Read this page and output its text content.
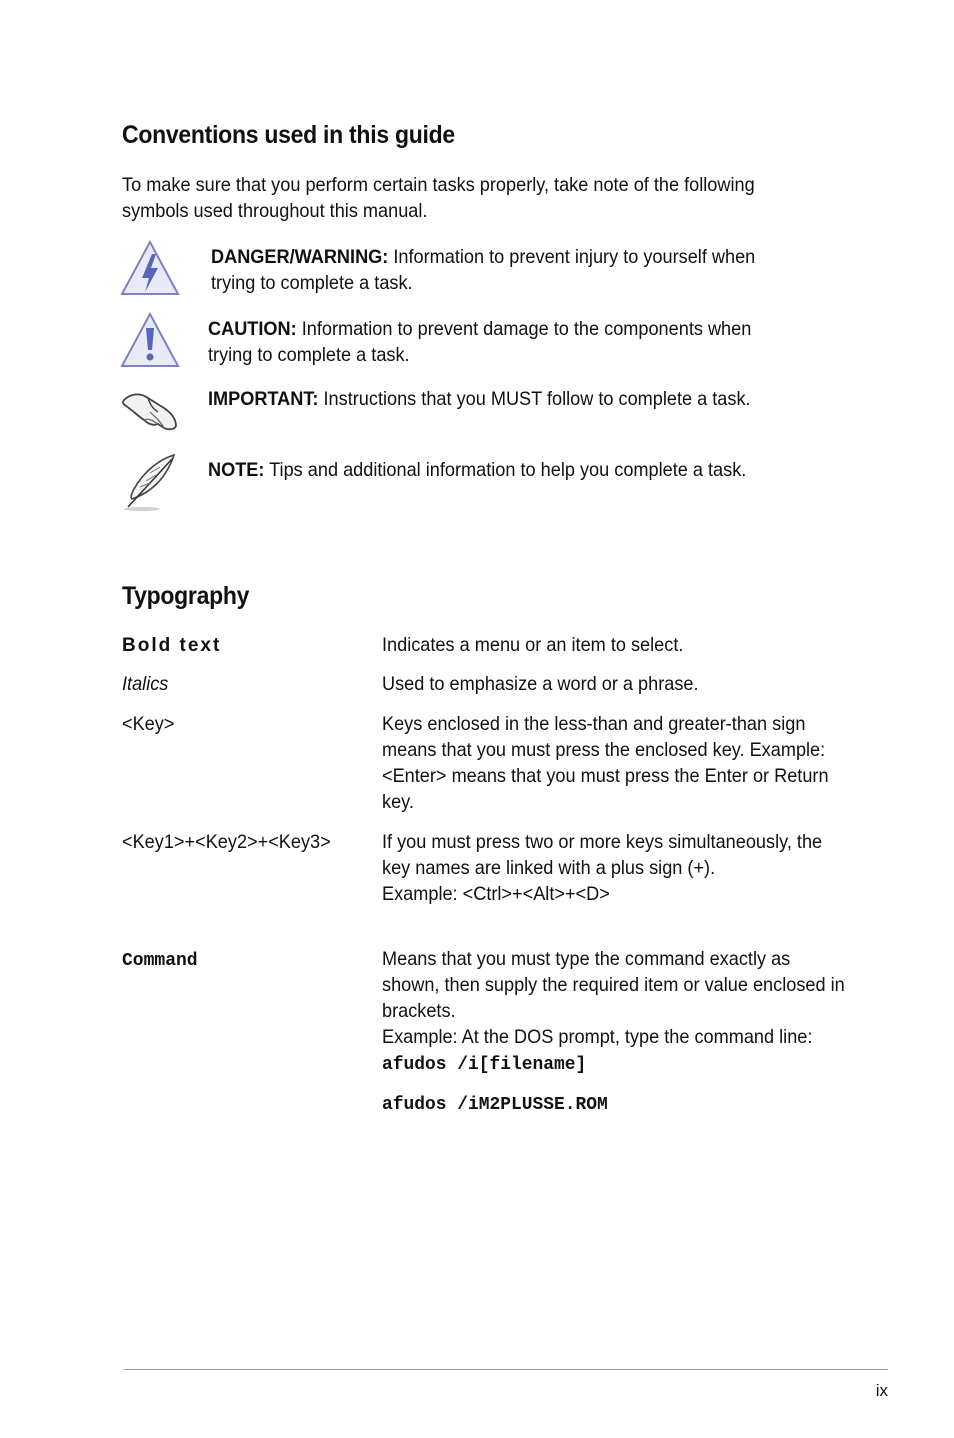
Conventions used in this guide
To make sure that you perform certain tasks properly, take note of the following symbols used throughout this manual.
DANGER/WARNING: Information to prevent injury to yourself when trying to complete a task.
CAUTION: Information to prevent damage to the components when trying to complete a task.
IMPORTANT: Instructions that you MUST follow to complete a task.
NOTE: Tips and additional information to help you complete a task.
Typography
Bold text	Indicates a menu or an item to select.
Italics	Used to emphasize a word or a phrase.
<Key>	Keys enclosed in the less-than and greater-than sign means that you must press the enclosed key. Example: <Enter> means that you must press the Enter or Return key.
<Key1>+<Key2>+<Key3>	If you must press two or more keys simultaneously, the key names are linked with a plus sign (+).
Example: <Ctrl>+<Alt>+<D>
Command	Means that you must type the command exactly as shown, then supply the required item or value enclosed in brackets.
Example: At the DOS prompt, type the command line:
afudos /i[filename]
afudos /iM2PLUSSE.ROM
ix
